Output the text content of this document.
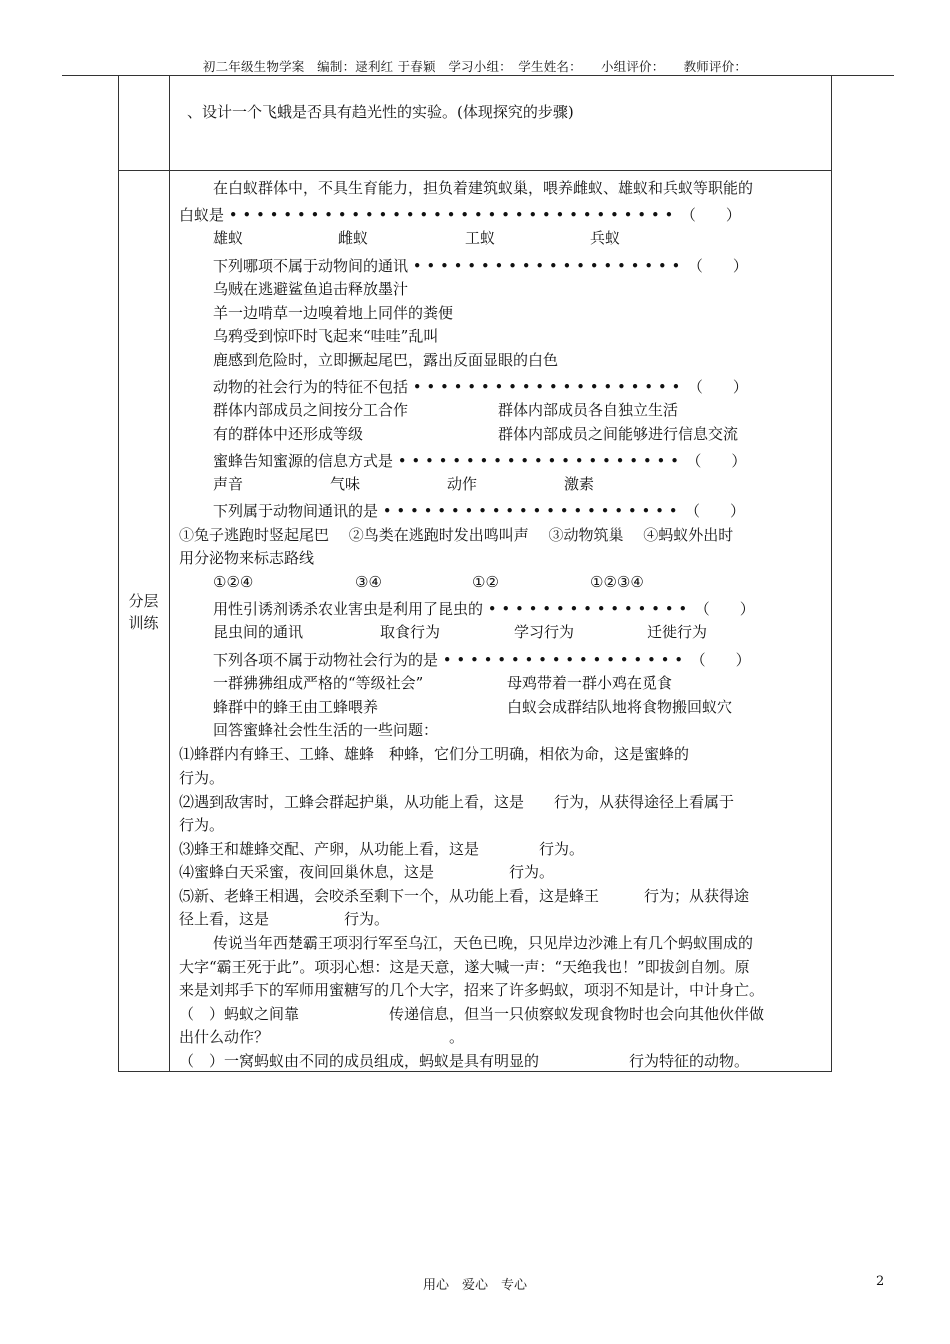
初二年级生物学案　编制：逯利红 于春颖　学习小组：　学生姓名：　　小组评价：　　教师评价：
、设计一个飞蛾是否具有趋光性的实验。(体现探究的步骤)
分层
训练
在白蚁群体中，不具生育能力，担负着建筑蚁巢，喂养雌蚁、雄蚁和兵蚁等职能的
白蚁是 • • • • • • • • • • • • • • • • • • • • • • • • • • • • • • • • •　（　　）
雄蚁	雌蚁	工蚁	兵蚁
下列哪项不属于动物间的通讯 • • • • • • • • • • • • • • • • • • • •　（　　）
乌贼在逃避鲨鱼追击释放墨汁
羊一边啃草一边嗅着地上同伴的粪便
乌鸦受到惊吓时飞起来“哇哇”乱叫
鹿感到危险时，立即撅起尾巴，露出反面显眼的白色
动物的社会行为的特征不包括 • • • • • • • • • • • • • • • • • • • •　（　　）
群体内部成员之间按分工合作	群体内部成员各自独立生活
有的群体中还形成等级	群体内部成员之间能够进行信息交流
蜜蜂告知蜜源的信息方式是 • • • • • • • • • • • • • • • • • • • • •　（　　）
声音	气味	动作	激素
下列属于动物间通讯的是 • • • • • • • • • • • • • • • • • • • • • •　（　　）
①兔子逃跑时竖起尾巴　 ②鸟类在逃跑时发出鸣叫声　 ③动物筑巢　 ④蚂蚁外出时
用分泌物来标志路线
①②④	③④	①②	①②③④
用性引诱剂诱杀农业害虫是利用了昆虫的 • • • • • • • • • • • • • • •　（　　）
昆虫间的通讯	取食行为	学习行为	迁徙行为
下列各项不属于动物社会行为的是 • • • • • • • • • • • • • • • • • •　（　　）
一群狒狒组成严格的“等级社会”	母鸡带着一群小鸡在觅食
蜂群中的蜂王由工蜂喂养	白蚁会成群结队地将食物搬回蚁穴
回答蜜蜂社会性生活的一些问题：
⑴蜂群内有蜂王、工蜂、雄蜂　种蜂，它们分工明确，相依为命，这是蜜蜂的
行为。
⑵遇到敌害时，工蜂会群起护巢，从功能上看，这是　　行为，从获得途径上看属于
行为。
⑶蜂王和雄蜂交配、产卵，从功能上看，这是　　　　行为。
⑷蜜蜂白天采蜜，夜间回巢休息，这是　　　　　行为。
⑸新、老蜂王相遇，会咬杀至剩下一个，从功能上看，这是蜂王　　　行为；从获得途
径上看，这是　　　　　行为。
传说当年西楚霸王项羽行军至乌江，天色已晚，只见岸边沙滩上有几个蚂蚁围成的
大字“霸王死于此”。项羽心想：这是天意，遂大喊一声：“天绝我也！”即拔剑自刎。原
来是刘邦手下的军师用蜜糖写的几个大字，招来了许多蚂蚁，项羽不知是计，中计身亡。
（　）蚂蚁之间靠　　　　　　传递信息，但当一只侦察蚁发现食物时也会向其他伙伴做
出什么动作？　　　　　　　　　　　　。
（　）一窝蚂蚁由不同的成员组成，蚂蚁是具有明显的　　　　　　行为特征的动物。
用心　爱心　专心	2
